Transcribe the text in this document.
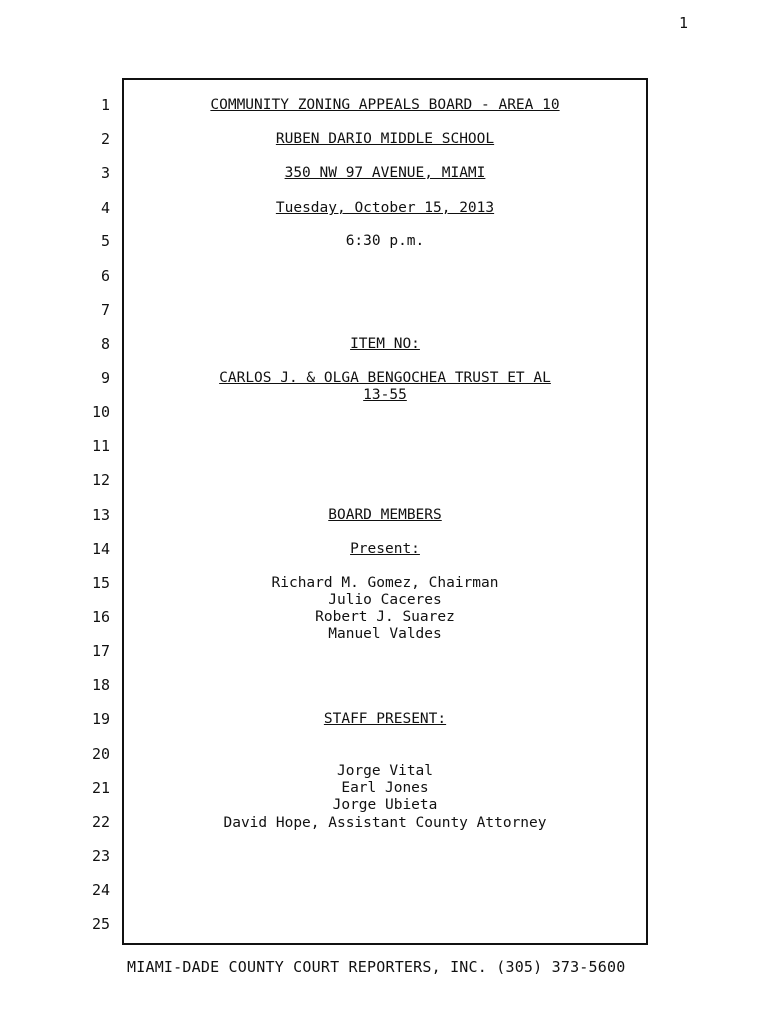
1
1
2
3
4
5
6
7
8
9
10
11
12
13
14
15
16
17
18
19
20
21
22
23
24
25
COMMUNITY ZONING APPEALS BOARD - AREA 10
RUBEN DARIO MIDDLE SCHOOL
350 NW 97 AVENUE, MIAMI
Tuesday, October 15, 2013
6:30 p.m.
ITEM NO:
CARLOS J. & OLGA BENGOCHEA TRUST ET AL
13-55
BOARD MEMBERS
Present:
Richard M. Gomez, Chairman
Julio Caceres
Robert J. Suarez
Manuel Valdes
STAFF PRESENT:
Jorge Vital
Earl Jones
Jorge Ubieta
David Hope, Assistant County Attorney
MIAMI-DADE COUNTY COURT REPORTERS, INC. (305) 373-5600
